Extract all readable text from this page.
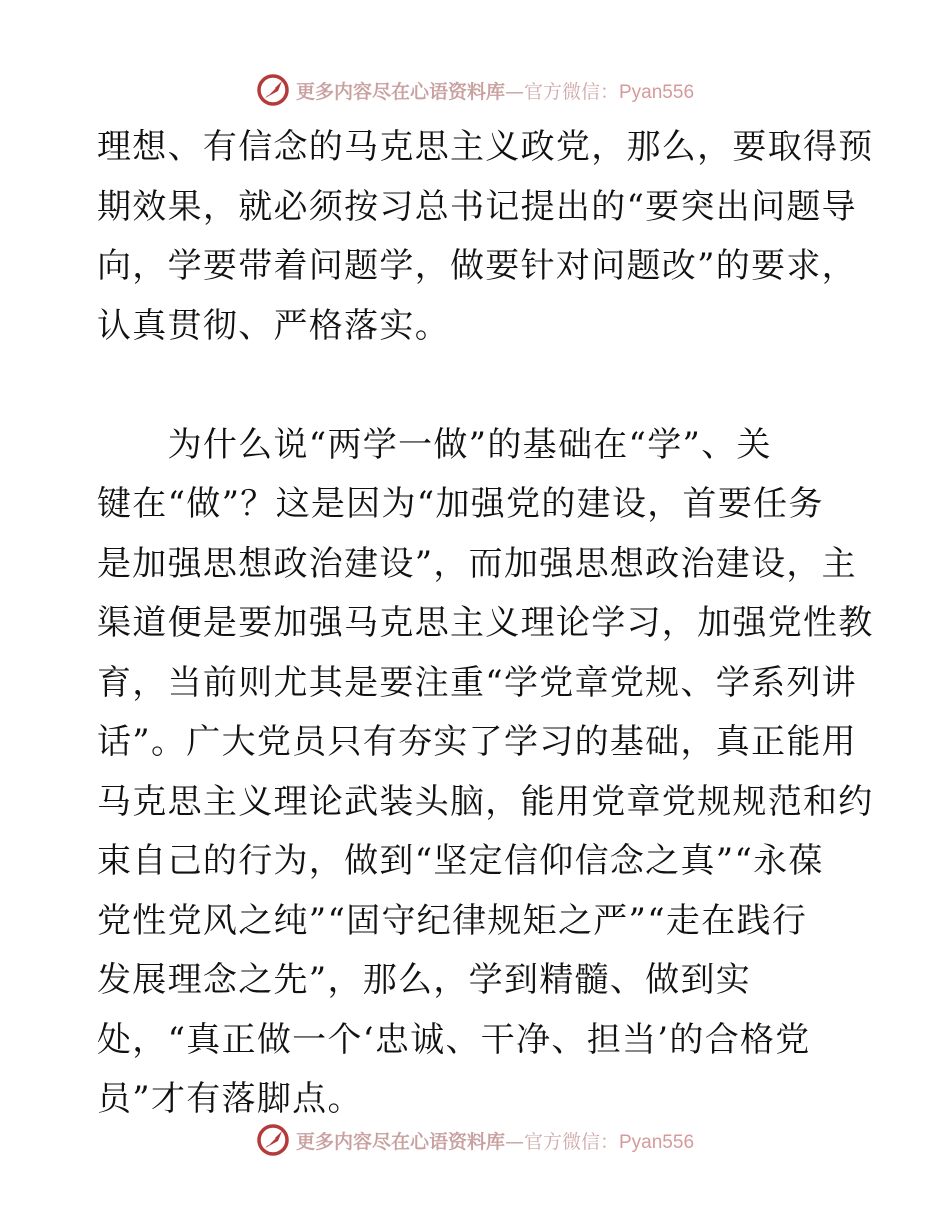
更多内容尽在心语资料库 — 官方微信： Pyan556
理想、有信念的马克思主义政党，那么，要取得预
期效果，就必须按习总书记提出的“要突出问题导
向，学要带着问题学，做要针对问题改”的要求，
认真贯彻、严格落实。
　　为什么说“两学一做”的基础在“学”、关
键在“做”？这是因为“加强党的建设，首要任务
是加强思想政治建设”，而加强思想政治建设，主
渠道便是要加强马克思主义理论学习，加强党性教
育，当前则尤其是要注重“学党章党规、学系列讲
话”。广大党员只有夯实了学习的基础，真正能用
马克思主义理论武装头脑，能用党章党规规范和约
束自己的行为，做到“坚定信仰信念之真”“永葆
党性党风之纯”“固守纪律规矩之严”“走在践行
发展理念之先”，那么，学到精髓、做到实
处，“真正做一个‘忠诚、干净、担当’的合格党
员”才有落脚点。
更多内容尽在心语资料库 — 官方微信： Pyan556
